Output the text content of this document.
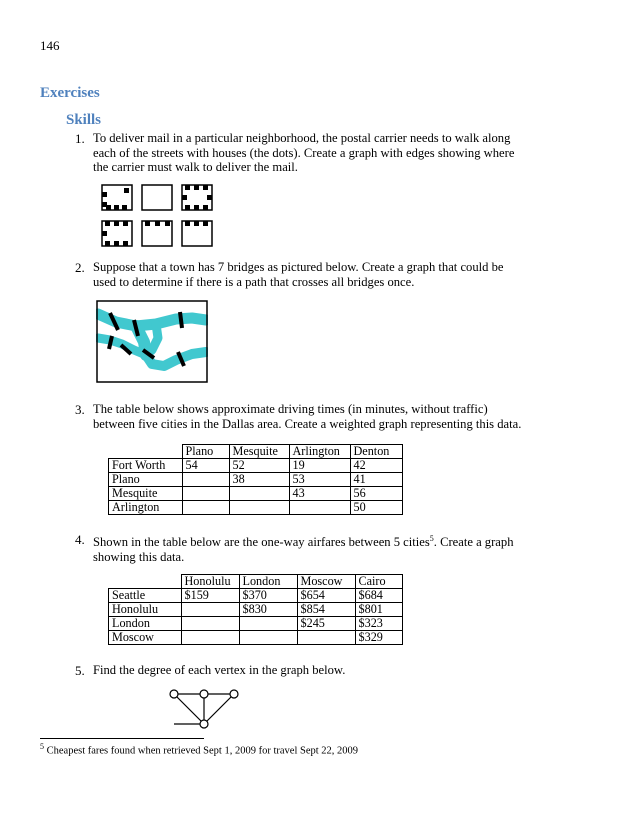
146
Exercises
Skills
1. To deliver mail in a particular neighborhood, the postal carrier needs to walk along
each of the streets with houses (the dots). Create a graph with edges showing where
the carrier must walk to deliver the mail.
2. Suppose that a town has 7 bridges as pictured below. Create a graph that could be
used to determine if there is a path that crosses all bridges once.
3. The table below shows approximate driving times (in minutes, without traffic)
between five cities in the Dallas area. Create a weighted graph representing this data.
	Plano	Mesquite	Arlington	Denton
Fort Worth	54	52	19	42
Plano		38	53	41
Mesquite			43	56
Arlington				50
4. Shown in the table below are the one-way airfares between 5 cities$^5$. Create a graph
showing this data.
	Honolulu	London	Moscow	Cairo
Seattle	$159	$370	$654	$684
Honolulu		$830	$854	$801
London			$245	$323
Moscow				$329
5. Find the degree of each vertex in the graph below.
$^5$ Cheapest fares found when retrieved Sept 1, 2009 for travel Sept 22, 2009
